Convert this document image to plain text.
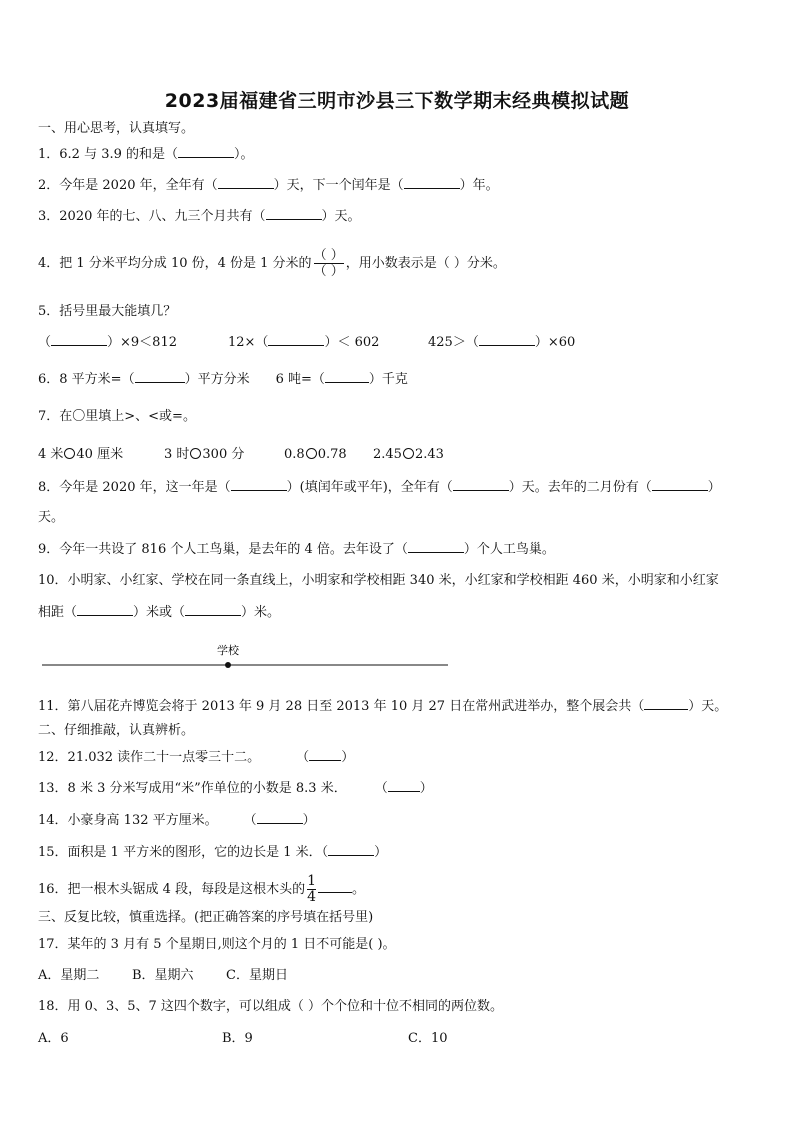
2023届福建省三明市沙县三下数学期末经典模拟试题
一、用心思考，认真填写。
1．6.2 与 3.9 的和是（	）。
2．今年是 2020 年，全年有（	）天，下一个闰年是（	）年。
3．2020 年的七、八、九三个月共有（	）天。
4．把 1 分米平均分成 10 份，4 份是 1 分米的 $\frac{( )}{( )}$ ，用小数表示是（ ）分米。
5．括号里最大能填几？
（	）×9＜812	12×（	）＜ 602	425＞（	）×60
6．8 平方米=（	）平方分米 6 吨=（	）千克
7．在〇里填上>、<或=。
4 米 40 厘米	3 时 300 分	0.8 0.78 2.45 2.43
8．今年是 2020 年，这一年是（	）(填闰年或平年)，全年有（	）天。去年的二月份有（	）
天。
9．今年一共设了 816 个人工鸟巢，是去年的 4 倍。去年设了（	）个人工鸟巢。
10．小明家、小红家、学校在同一条直线上，小明家和学校相距 340 米，小红家和学校相距 460 米，小明家和小红家
相距（	）米或（	）米。
学校
11．第八届花卉博览会将于 2013 年 9 月 28 日至 2013 年 10 月 27 日在常州武进举办，整个展会共（	）天。
二、仔细推敲，认真辨析。
12．21.032 读作二十一点零三十二。	（ ）
13．8 米 3 分米写成用“米”作单位的小数是 8.3 米． （ ）
14．小豪身高 132 平方厘米。 （	）
15．面积是 1 平方米的图形，它的边长是 1 米．（	）
16．把一根木头锯成 4 段，每段是这根木头的 $\frac{1}{4}$	。
三、反复比较，慎重选择。(把正确答案的序号填在括号里)
17．某年的 3 月有 5 个星期日,则这个月的 1 日不可能是( )。
A．星期二	B．星期六 C．星期日
18．用 0、3、5、7 这四个数字，可以组成（ ）个个位和十位不相同的两位数。
A．6	B．9	C．10
